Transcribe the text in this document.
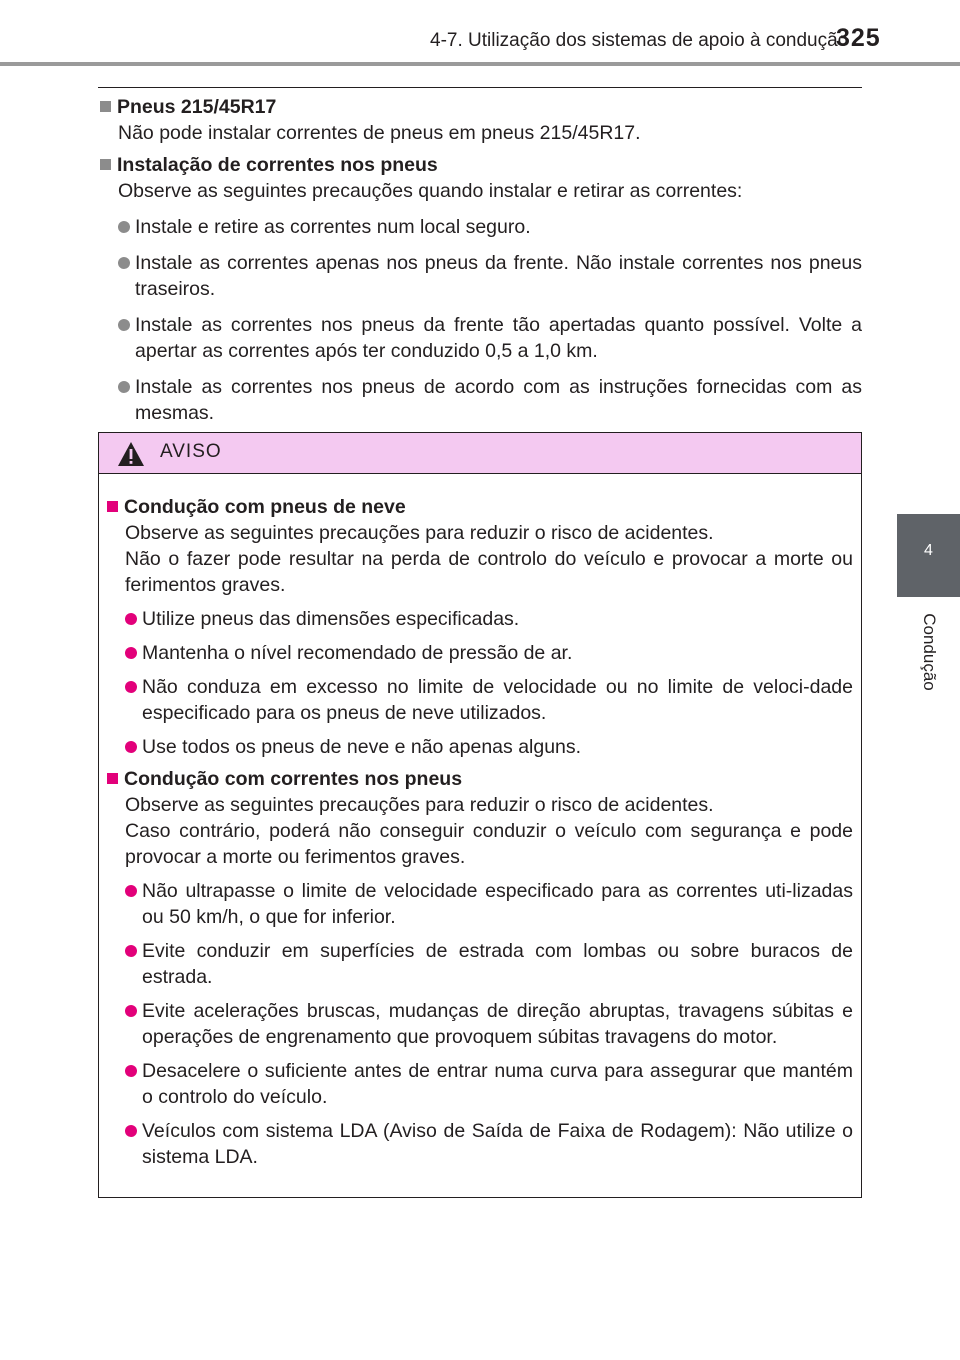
4-7. Utilização dos sistemas de apoio à condução
325
4
Condução
Pneus 215/45R17
Não pode instalar correntes de pneus em pneus 215/45R17.
Instalação de correntes nos pneus
Observe as seguintes precauções quando instalar e retirar as correntes:
Instale e retire as correntes num local seguro.
Instale as correntes apenas nos pneus da frente. Não instale correntes nos pneus traseiros.
Instale as correntes nos pneus da frente tão apertadas quanto possível. Volte a apertar as correntes após ter conduzido 0,5 a 1,0 km.
Instale as correntes nos pneus de acordo com as instruções fornecidas com as mesmas.
AVISO
Condução com pneus de neve
Observe as seguintes precauções para reduzir o risco de acidentes.
Não o fazer pode resultar na perda de controlo do veículo e provocar a morte ou ferimentos graves.
Utilize pneus das dimensões especificadas.
Mantenha o nível recomendado de pressão de ar.
Não conduza em excesso no limite de velocidade ou no limite de veloci-dade especificado para os pneus de neve utilizados.
Use todos os pneus de neve e não apenas alguns.
Condução com correntes nos pneus
Observe as seguintes precauções para reduzir o risco de acidentes.
Caso contrário, poderá não conseguir conduzir o veículo com segurança e pode provocar a morte ou ferimentos graves.
Não ultrapasse o limite de velocidade especificado para as correntes uti-lizadas ou 50 km/h, o que for inferior.
Evite conduzir em superfícies de estrada com lombas ou sobre buracos de estrada.
Evite acelerações bruscas, mudanças de direção abruptas, travagens súbitas e operações de engrenamento que provoquem súbitas travagens do motor.
Desacelere o suficiente antes de entrar numa curva para assegurar que mantém o controlo do veículo.
Veículos com sistema LDA (Aviso de Saída de Faixa de Rodagem): Não utilize o sistema LDA.
